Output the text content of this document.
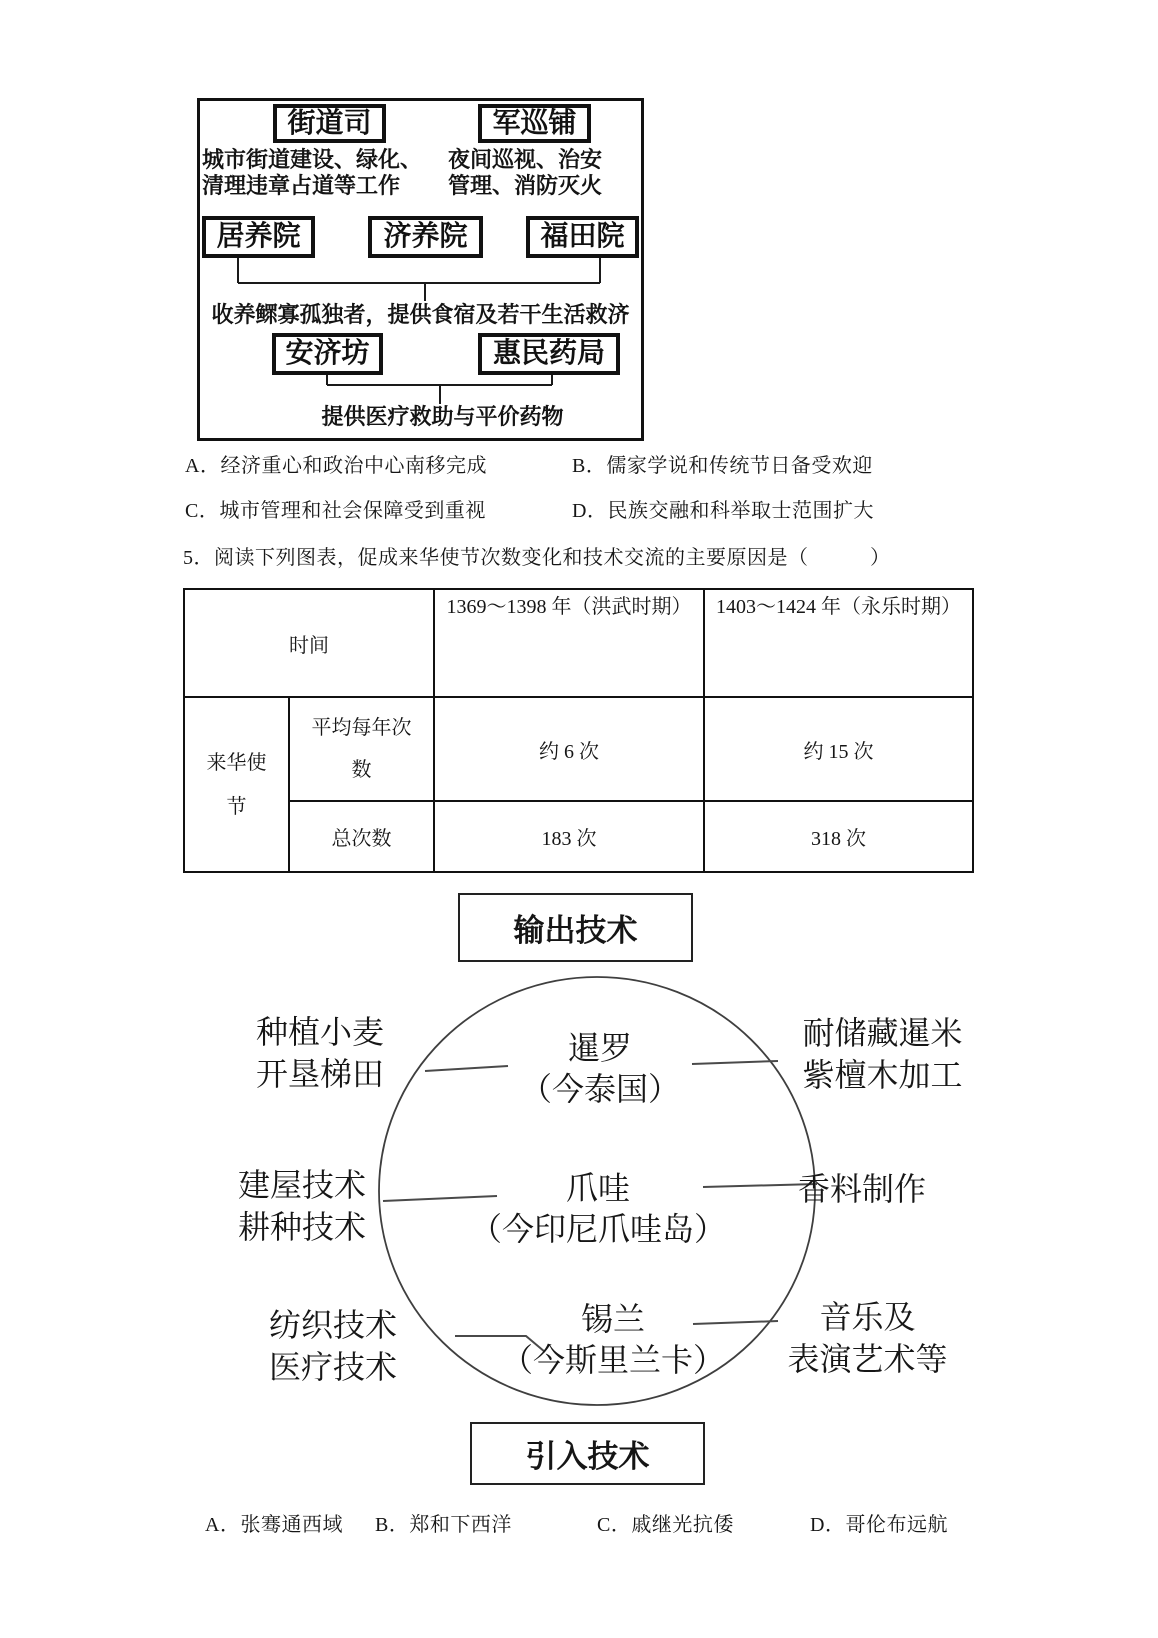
街道司	军巡铺
城市街道建设、绿化、清理违章占道等工作
夜间巡视、治安管理、消防灭火
居养院	济养院	福田院
收养鳏寡孤独者，提供食宿及若干生活救济
安济坊	惠民药局
提供医疗救助与平价药物
A．经济重心和政治中心南移完成	B．儒家学说和传统节日备受欢迎
C．城市管理和社会保障受到重视	D．民族交融和科举取士范围扩大
5．阅读下列图表，促成来华使节次数变化和技术交流的主要原因是（　　　）
时间		1369～1398 年（洪武时期）	1403～1424 年（永乐时期）

来华使节	平均每年次数	约 6 次	约 15 次
	总次数	183 次	318 次
输出技术
暹罗
（今泰国）
爪哇
（今印尼爪哇岛）
锡兰
（今斯里兰卡）
种植小麦
开垦梯田
建屋技术
耕种技术
纺织技术
医疗技术
耐储藏暹米
紫檀木加工
香料制作
音乐及
表演艺术等
引入技术
A．张骞通西域 B．郑和下西洋	C．戚继光抗倭	D．哥伦布远航
